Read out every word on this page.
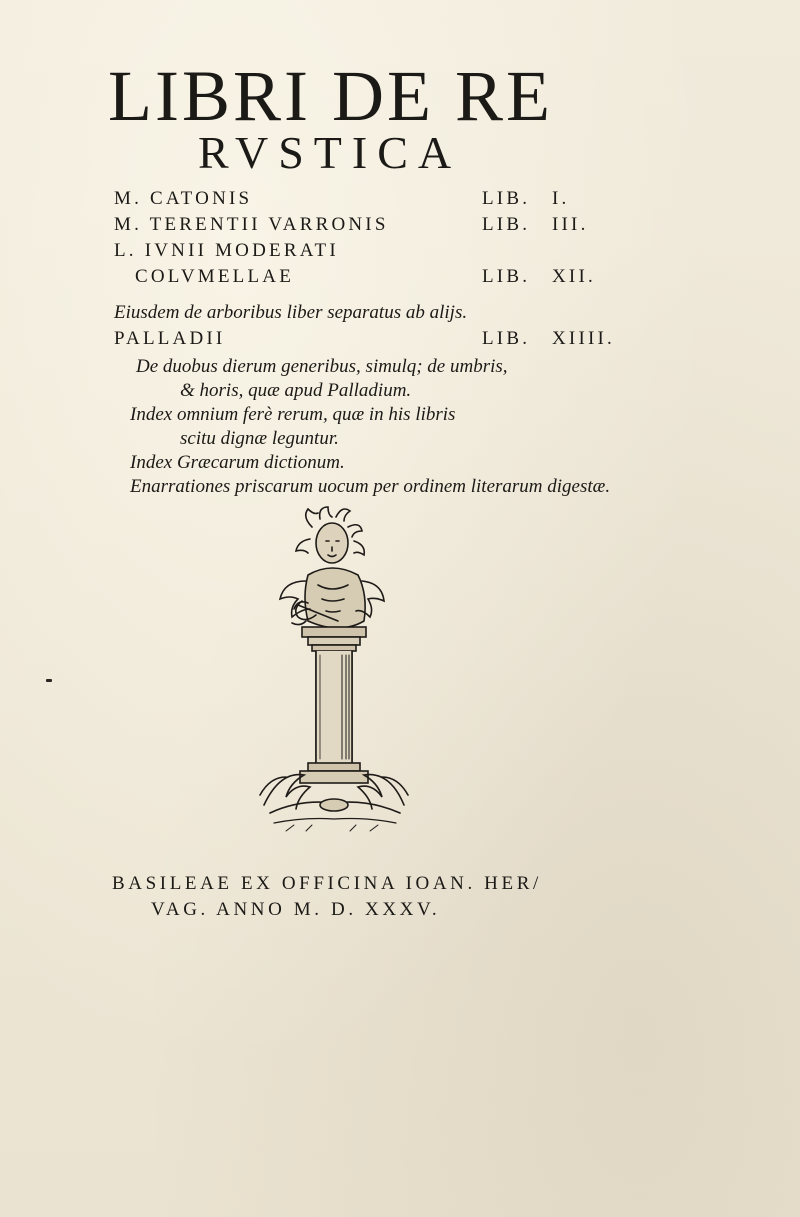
LIBRI DE RE
RVSTICA
M. CATONIS	LIB. I.
M. TERENTII VARRONIS	LIB. III.
L. IVNII MODERATI
COLVMELLAE	LIB. XII.
Eiusdem de arboribus liber separatus ab alijs.
PALLADII	LIB. XIIII.
De duobus dierum generibus, simulq; de umbris,
& horis, quæ apud Palladium.
Index omnium ferè rerum, quæ in his libris
scitu dignæ leguntur.
Index Græcarum dictionum.
Enarrationes priscarum uocum per ordinem literarum digestæ.
BASILEAE EX OFFICINA IOAN. HER/
VAG. ANNO M. D. XXXV.
